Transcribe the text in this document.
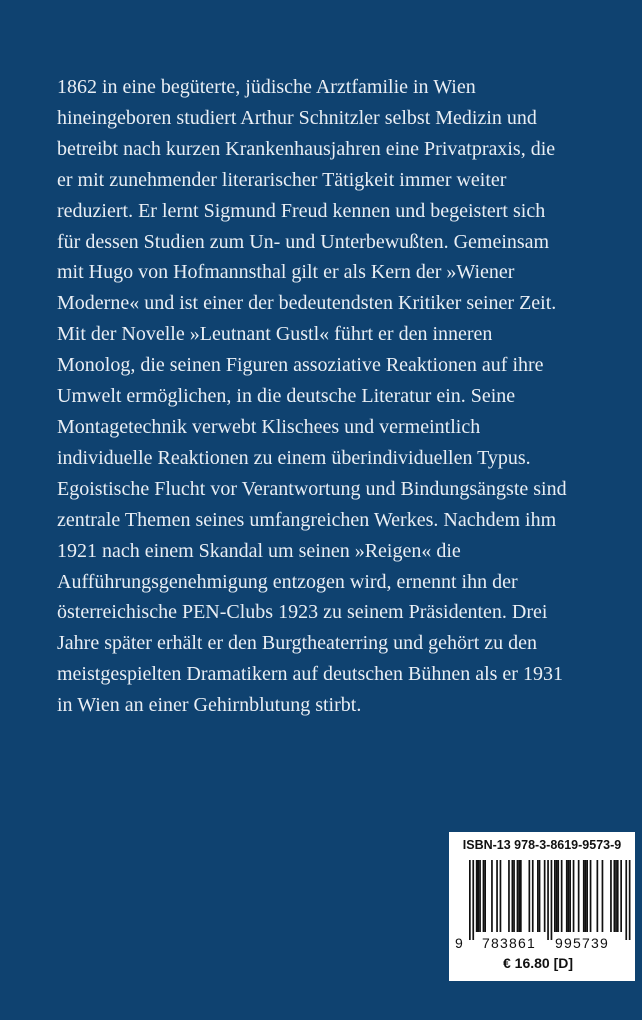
1862 in eine begüterte, jüdische Arztfamilie in Wien
hineingeboren studiert Arthur Schnitzler selbst Medizin und
betreibt nach kurzen Krankenhausjahren eine Privatpraxis, die
er mit zunehmender literarischer Tätigkeit immer weiter
reduziert. Er lernt Sigmund Freud kennen und begeistert sich
für dessen Studien zum Un- und Unterbewußten. Gemeinsam
mit Hugo von Hofmannsthal gilt er als Kern der »Wiener
Moderne« und ist einer der bedeutendsten Kritiker seiner Zeit.
Mit der Novelle »Leutnant Gustl« führt er den inneren
Monolog, die seinen Figuren assoziative Reaktionen auf ihre
Umwelt ermöglichen, in die deutsche Literatur ein. Seine
Montagetechnik verwebt Klischees und vermeintlich
individuelle Reaktionen zu einem überindividuellen Typus.
Egoistische Flucht vor Verantwortung und Bindungsängste sind
zentrale Themen seines umfangreichen Werkes. Nachdem ihm
1921 nach einem Skandal um seinen »Reigen« die
Aufführungsgenehmigung entzogen wird, ernennt ihn der
österreichische PEN-Clubs 1923 zu seinem Präsidenten. Drei
Jahre später erhält er den Burgtheaterring und gehört zu den
meistgespielten Dramatikern auf deutschen Bühnen als er 1931
in Wien an einer Gehirnblutung stirbt.

ISBN-13 978-3-8619-9573-9
9 783861 995739
€ 16.80 [D]
